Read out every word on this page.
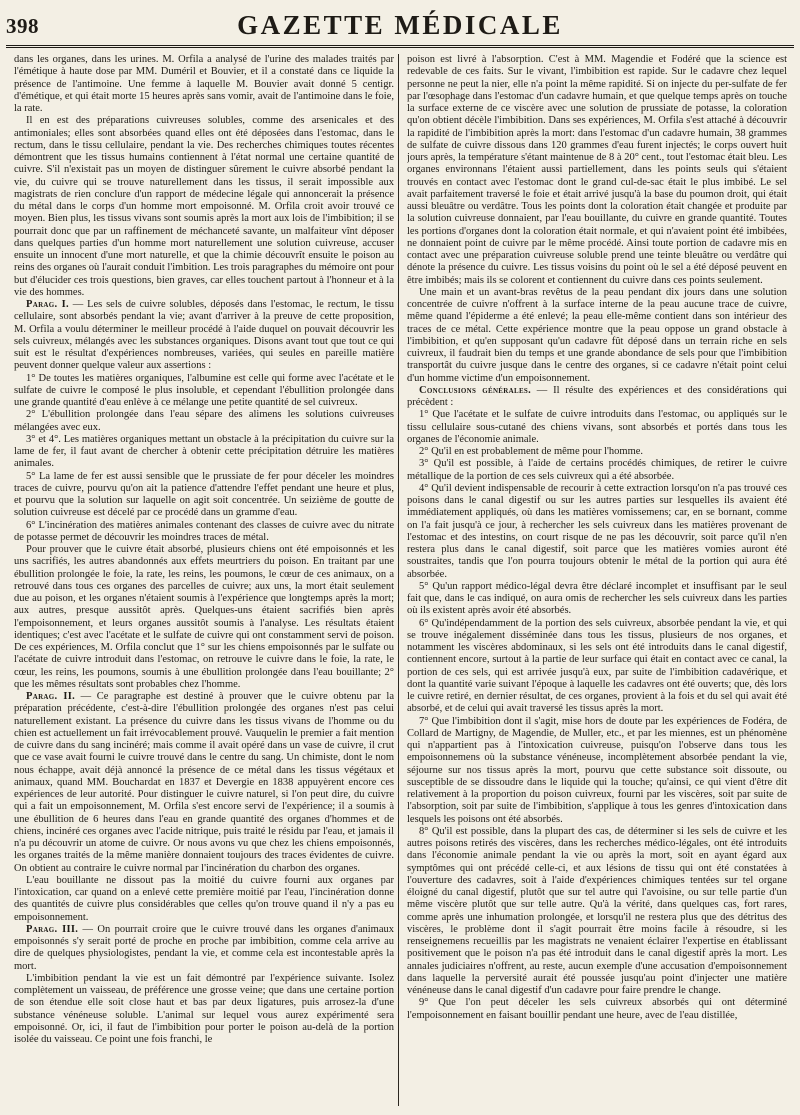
398	GAZETTE MÉDICALE

dans les organes, dans les urines. M. Orfila a analysé de l'urine des malades traités par l'émétique à haute dose par MM. Duméril et Bouvier, et il a constaté dans ce liquide la présence de l'antimoine. Une femme à laquelle M. Bouvier avait donné 5 centigr. d'émétique, et qui était morte 15 heures après sans vomir, avait de l'antimoine dans le foie, la rate.

Il en est des préparations cuivreuses solubles, comme des arsenicales et des antimoniales; elles sont absorbées quand elles ont été déposées dans l'estomac, dans le rectum, dans le tissu cellulaire, pendant la vie. Des recherches chimiques toutes récentes démontrent que les tissus humains contiennent à l'état normal une certaine quantité de cuivre. S'il n'existait pas un moyen de distinguer sûrement le cuivre absorbé pendant la vie, du cuivre qui se trouve naturellement dans les tissus, il serait impossible aux magistrats de rien conclure d'un rapport de médecine légale qui annoncerait la présence du métal dans le corps d'un homme mort empoisonné. M. Orfila croit avoir trouvé ce moyen. Bien plus, les tissus vivans sont soumis après la mort aux lois de l'imbibition; il se pourrait donc que par un raffinement de méchanceté savante, un malfaiteur vînt déposer dans quelques parties d'un homme mort naturellement une solution cuivreuse, accuser ensuite un innocent d'une mort naturelle, et que la chimie découvrît ensuite le poison au reins des organes où l'aurait conduit l'imbition. Les trois paragraphes du mémoire ont pour but d'élucider ces trois questions, bien graves, car elles touchent partout à l'honneur et à la vie des hommes.

Parag. I. — Les sels de cuivre solubles, déposés dans l'estomac, le rectum, le tissu cellulaire, sont absorbés pendant la vie; avant d'arriver à la preuve de cette proposition, M. Orfila a voulu déterminer le meilleur procédé à l'aide duquel on pouvait découvrir les sels cuivreux, mélangés avec les substances organiques. Disons avant tout que tout ce qui suit est le résultat d'expériences nombreuses, variées, qui seules en pareille matière peuvent donner quelque valeur aux assertions :

1° De toutes les matières organiques, l'albumine est celle qui forme avec l'acétate et le sulfate de cuivre le composé le plus insoluble, et cependant l'ébullition prolongée dans une grande quantité d'eau enlève à ce mélange une petite quantité de sel cuivreux.

2° L'ébullition prolongée dans l'eau sépare des alimens les solutions cuivreuses mélangées avec eux.

3° et 4°. Les matières organiques mettant un obstacle à la précipitation du cuivre sur la lame de fer, il faut avant de chercher à obtenir cette précipitation détruire les matières animales.

5° La lame de fer est aussi sensible que le prussiate de fer pour déceler les moindres traces de cuivre, pourvu qu'on ait la patience d'attendre l'effet pendant une heure et plus, et pourvu que la solution sur laquelle on agit soit concentrée. Un seizième de goutte de solution cuivreuse est décelé par ce procédé dans un gramme d'eau.

6° L'incinération des matières animales contenant des classes de cuivre avec du nitrate de potasse permet de découvrir les moindres traces de métal.

Pour prouver que le cuivre était absorbé, plusieurs chiens ont été empoisonnés et les uns sacrifiés, les autres abandonnés aux effets meurtriers du poison. En traitant par une ébullition prolongée le foie, la rate, les reins, les poumons, le cœur de ces animaux, on a retrouvé dans tous ces organes des parcelles de cuivre; aux uns, la mort était seulement due au poison, et les organes n'étaient soumis à l'expérience que longtemps après la mort; aux autres, presque aussitôt après. Quelques-uns étaient sacrifiés bien après l'empoisonnement, et leurs organes aussitôt soumis à l'analyse. Les résultats étaient identiques; c'est avec l'acétate et le sulfate de cuivre qui ont constamment servi de poison. De ces expériences, M. Orfila conclut que 1° sur les chiens empoisonnés par le sulfate ou l'acétate de cuivre introduit dans l'estomac, on retrouve le cuivre dans le foie, la rate, le cœur, les reins, les poumons, soumis à une ébullition prolongée dans l'eau bouillante; 2° que les mêmes résultats sont probables chez l'homme.

Parag. II. — Ce paragraphe est destiné à prouver que le cuivre obtenu par la préparation précédente, c'est-à-dire l'ébullition prolongée des organes n'est pas celui naturellement existant. La présence du cuivre dans les tissus vivans de l'homme ou du chien est actuellement un fait irrévocablement prouvé. Vauquelin le premier a fait mention de cuivre dans du sang incinéré; mais comme il avait opéré dans un vase de cuivre, il crut que ce vase avait fourni le cuivre trouvé dans le centre du sang. Un chimiste, dont le nom nous échappe, avait déjà annoncé la présence de ce métal dans les tissus végétaux et animaux, quand MM. Bouchardat en 1837 et Devergie en 1838 appuyèrent encore ces expériences de leur autorité. Pour distinguer le cuivre naturel, si l'on peut dire, du cuivre qui a fait un empoisonnement, M. Orfila s'est encore servi de l'expérience; il a soumis à une ébullition de 6 heures dans l'eau en grande quantité des organes d'hommes et de chiens, incinéré ces organes avec l'acide nitrique, puis traité le résidu par l'eau, et jamais il n'a pu découvrir un atome de cuivre. Or nous avons vu que chez les chiens empoisonnés, les organes traités de la même manière donnaient toujours des traces évidentes de cuivre. On obtient au contraire le cuivre normal par l'incinération du charbon des organes.

L'eau bouillante ne dissout pas la moitié du cuivre fourni aux organes par l'intoxication, car quand on a enlevé cette première moitié par l'eau, l'incinération donne des quantités de cuivre plus considérables que celles qu'on trouve quand il n'y a pas eu empoisonnement.

Parag. III. — On pourrait croire que le cuivre trouvé dans les organes d'animaux empoisonnés s'y serait porté de proche en proche par imbibition, comme cela arrive au dire de quelques physiologistes, pendant la vie, et comme cela est incontestable après la mort.

L'imbibition pendant la vie est un fait démontré par l'expérience suivante. Isolez complètement un vaisseau, de préférence une grosse veine; que dans une certaine portion de son étendue elle soit close haut et bas par deux ligatures, puis arrosez-la d'une substance vénéneuse soluble. L'animal sur lequel vous aurez expérimenté sera empoisonné. Or, ici, il faut de l'imbibition pour porter le poison au-delà de la portion isolée du vaisseau. Ce point une fois franchi, le

poison est livré à l'absorption. C'est à MM. Magendie et Fodéré que la science est redevable de ces faits. Sur le vivant, l'imbibition est rapide. Sur le cadavre chez lequel personne ne peut la nier, elle n'a point la même rapidité. Si on injecte du per-sulfate de fer par l'œsophage dans l'estomac d'un cadavre humain, et que quelque temps après on touche la surface externe de ce viscère avec une solution de prussiate de potasse, la coloration qu'on obtient décèle l'imbibition. Dans ses expériences, M. Orfila s'est attaché à découvrir la rapidité de l'imbibition après la mort: dans l'estomac d'un cadavre humain, 38 grammes de sulfate de cuivre dissous dans 120 grammes d'eau furent injectés; le corps ouvert huit jours après, la température s'étant maintenue de 8 à 20° cent., tout l'estomac était bleu. Les organes environnans l'étaient aussi partiellement, dans les points seuls qui s'étaient trouvés en contact avec l'estomac dont le grand cul-de-sac était le plus imbibé. Le sel avait parfaitement traversé le foie et était arrivé jusqu'à la base du poumon droit, qui était aussi bleuâtre ou verdâtre. Tous les points dont la coloration était changée et produite par la solution cuivreuse donnaient, par l'eau bouillante, du cuivre en grande quantité. Toutes les portions d'organes dont la coloration était normale, et qui n'avaient point été imbibées, ne donnaient point de cuivre par le même procédé. Ainsi toute portion de cadavre mis en contact avec une préparation cuivreuse soluble prend une teinte bleuâtre ou verdâtre qui dénote la présence du cuivre. Les tissus voisins du point où le sel a été déposé peuvent en être imbibés; mais ils se colorent et contiennent du cuivre dans ces points seulement.

Une main et un avant-bras revêtus de la peau pendant dix jours dans une solution concentrée de cuivre n'offrent à la surface interne de la peau aucune trace de cuivre, même quand l'épiderme a été enlevé; la peau elle-même contient dans son intérieur des traces de ce métal. Cette expérience montre que la peau oppose un grand obstacle à l'imbibition, et qu'en supposant qu'un cadavre fût déposé dans un terrain riche en sels cuivreux, il faudrait bien du temps et une grande abondance de sels pour que l'imbibition transportât du cuivre jusque dans le centre des organes, si ce cadavre n'était point celui d'un homme victime d'un empoisonnement.

Conclusions générales. — Il résulte des expériences et des considérations qui précèdent :

1° Que l'acétate et le sulfate de cuivre introduits dans l'estomac, ou appliqués sur le tissu cellulaire sous-cutané des chiens vivans, sont absorbés et portés dans tous les organes de l'économie animale.

2° Qu'il en est probablement de même pour l'homme.

3° Qu'il est possible, à l'aide de certains procédés chimiques, de retirer le cuivre métallique de la portion de ces sels cuivreux qui a été absorbée.

4° Qu'il devient indispensable de recourir à cette extraction lorsqu'on n'a pas trouvé ces poisons dans le canal digestif ou sur les autres parties sur lesquelles ils avaient été immédiatement appliqués, où dans les matières vomissemens; car, en se bornant, comme on l'a fait jusqu'à ce jour, à rechercher les sels cuivreux dans les matières provenant de l'estomac et des intestins, on court risque de ne pas les découvrir, soit parce qu'il n'en restera plus dans le canal digestif, soit parce que les matières vomies auront été soustraites, tandis que l'on pourra toujours obtenir le métal de la portion qui aura été absorbée.

5° Qu'un rapport médico-légal devra être déclaré incomplet et insuffisant par le seul fait que, dans le cas indiqué, on aura omis de rechercher les sels cuivreux dans les parties où ils existent après avoir été absorbés.

6° Qu'indépendamment de la portion des sels cuivreux, absorbée pendant la vie, et qui se trouve inégalement disséminée dans tous les tissus, plusieurs de nos organes, et notamment les viscères abdominaux, si les sels ont été introduits dans le canal digestif, contiennent encore, surtout à la partie de leur surface qui était en contact avec ce canal, la portion de ces sels, qui est arrivée jusqu'à eux, par suite de l'imbibition cadavérique, et dont la quantité varie suivant l'époque à laquelle les cadavres ont été ouverts; que, dès lors le cuivre retiré, en dernier résultat, de ces organes, provient à la fois et du sel qui avait été absorbé, et de celui qui avait traversé les tissus après la mort.

7° Que l'imbibition dont il s'agit, mise hors de doute par les expériences de Fodéra, de Collard de Martigny, de Magendie, de Muller, etc., et par les miennes, est un phénomène qui n'appartient pas à l'intoxication cuivreuse, puisqu'on l'observe dans tous les empoisonnemens où la substance vénéneuse, incomplètement absorbée pendant la vie, séjourne sur nos tissus après la mort, pourvu que cette substance soit dissoute, ou susceptible de se dissoudre dans le liquide qui la touche; qu'ainsi, ce qui vient d'être dit relativement à la proportion du poison cuivreux, fourni par les viscères, soit par suite de l'absorption, soit par suite de l'imbibition, s'applique à tous les genres d'intoxication dans lesquels les poisons ont été absorbés.

8° Qu'il est possible, dans la plupart des cas, de déterminer si les sels de cuivre et les autres poisons retirés des viscères, dans les recherches médico-légales, ont été introduits dans l'économie animale pendant la vie ou après la mort, soit en ayant égard aux symptômes qui ont précédé celle-ci, et aux lésions de tissu qui ont été constatées à l'ouverture des cadavres, soit à l'aide d'expériences chimiques tentées sur tel organe éloigné du canal digestif, plutôt que sur tel autre qui l'avoisine, ou sur telle partie d'un même viscère plutôt que sur telle autre. Qu'à la vérité, dans quelques cas, fort rares, comme après une inhumation prolongée, et lorsqu'il ne restera plus que des détritus des viscères, le problème dont il s'agit pourrait être moins facile à résoudre, si les renseignemens recueillis par les magistrats ne venaient éclairer l'expertise en établissant positivement que le poison n'a pas été introduit dans le canal digestif après la mort. Les annales judiciaires n'offrent, au reste, aucun exemple d'une accusation d'empoisonnement dans laquelle la perversité aurait été poussée jusqu'au point d'injecter une matière vénéneuse dans le canal digestif d'un cadavre pour faire prendre le change.

9° Que l'on peut déceler les sels cuivreux absorbés qui ont déterminé l'empoisonnement en faisant bouillir pendant une heure, avec de l'eau distillée,
